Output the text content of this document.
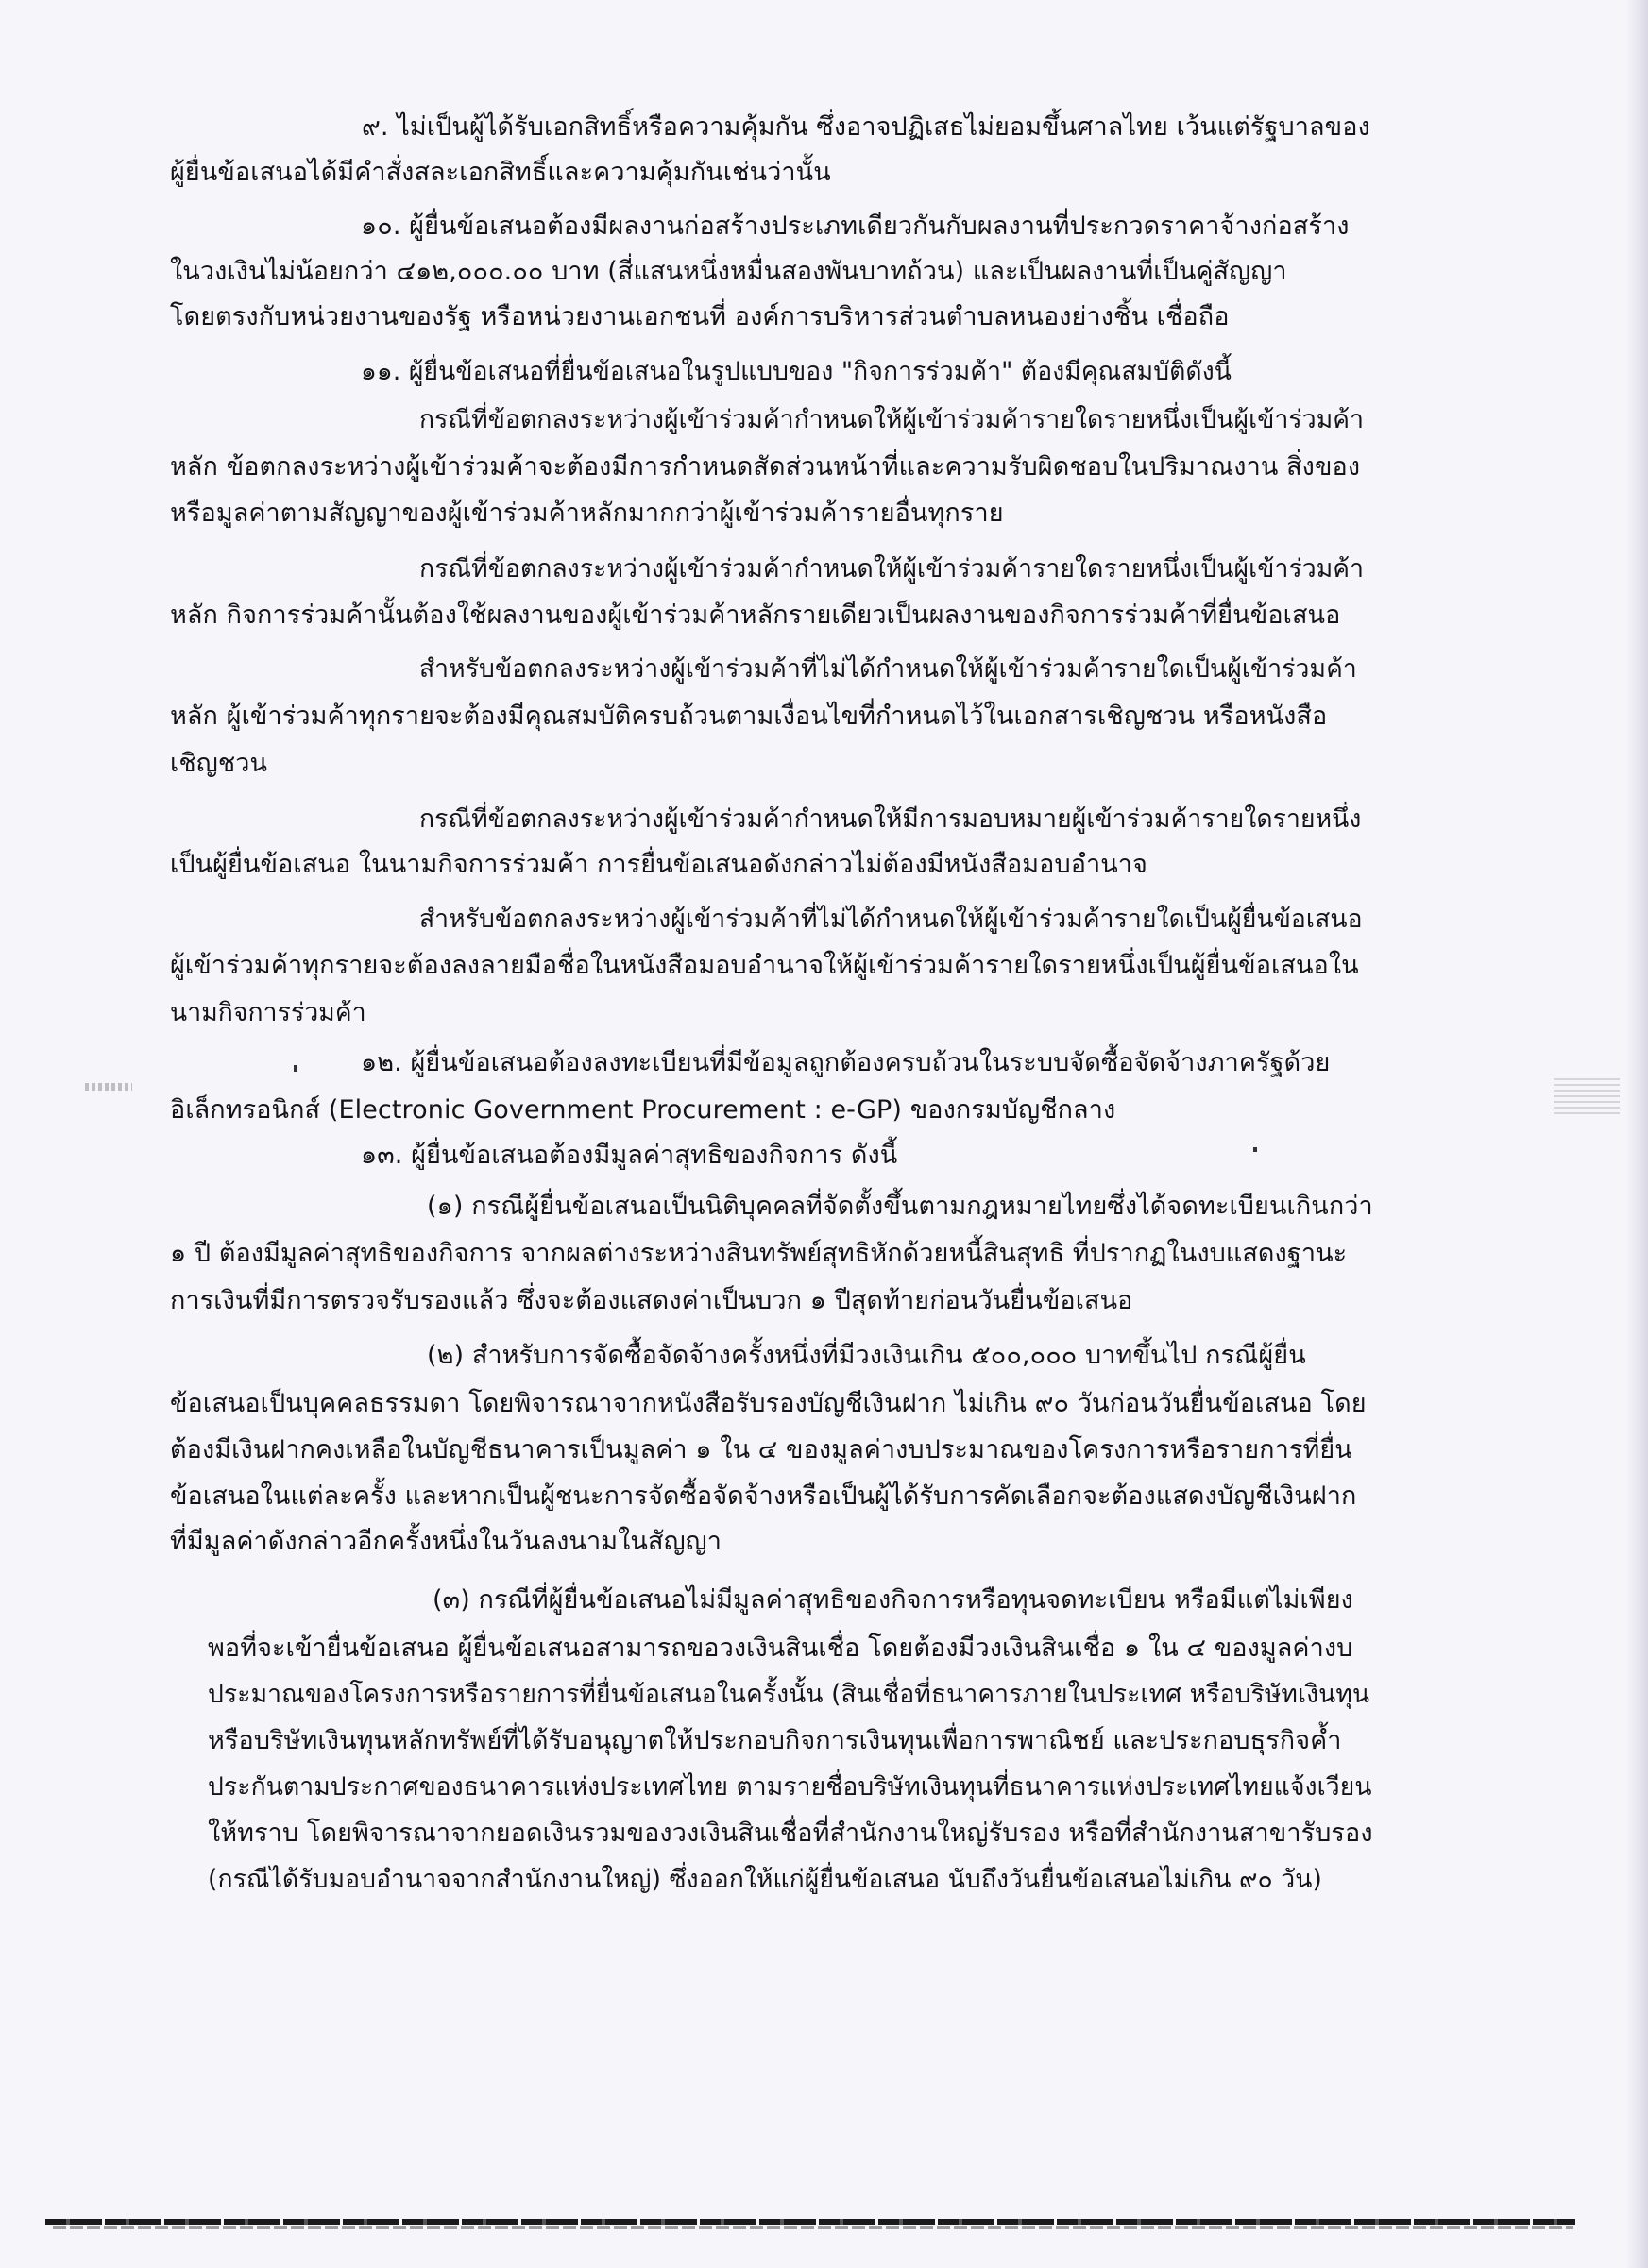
๙. ไม่เป็นผู้ได้รับเอกสิทธิ์หรือความคุ้มกัน ซึ่งอาจปฏิเสธไม่ยอมขึ้นศาลไทย เว้นแต่รัฐบาลของ
ผู้ยื่นข้อเสนอได้มีคำสั่งสละเอกสิทธิ์และความคุ้มกันเช่นว่านั้น
๑๐. ผู้ยื่นข้อเสนอต้องมีผลงานก่อสร้างประเภทเดียวกันกับผลงานที่ประกวดราคาจ้างก่อสร้าง
ในวงเงินไม่น้อยกว่า ๔๑๒,๐๐๐.๐๐ บาท (สี่แสนหนึ่งหมื่นสองพันบาทถ้วน) และเป็นผลงานที่เป็นคู่สัญญา
โดยตรงกับหน่วยงานของรัฐ หรือหน่วยงานเอกชนที่ องค์การบริหารส่วนตำบลหนองย่างชิ้น เชื่อถือ
๑๑. ผู้ยื่นข้อเสนอที่ยื่นข้อเสนอในรูปแบบของ "กิจการร่วมค้า" ต้องมีคุณสมบัติดังนี้
กรณีที่ข้อตกลงระหว่างผู้เข้าร่วมค้ากำหนดให้ผู้เข้าร่วมค้ารายใดรายหนึ่งเป็นผู้เข้าร่วมค้า
หลัก ข้อตกลงระหว่างผู้เข้าร่วมค้าจะต้องมีการกำหนดสัดส่วนหน้าที่และความรับผิดชอบในปริมาณงาน สิ่งของ
หรือมูลค่าตามสัญญาของผู้เข้าร่วมค้าหลักมากกว่าผู้เข้าร่วมค้ารายอื่นทุกราย
กรณีที่ข้อตกลงระหว่างผู้เข้าร่วมค้ากำหนดให้ผู้เข้าร่วมค้ารายใดรายหนึ่งเป็นผู้เข้าร่วมค้า
หลัก กิจการร่วมค้านั้นต้องใช้ผลงานของผู้เข้าร่วมค้าหลักรายเดียวเป็นผลงานของกิจการร่วมค้าที่ยื่นข้อเสนอ
สำหรับข้อตกลงระหว่างผู้เข้าร่วมค้าที่ไม่ได้กำหนดให้ผู้เข้าร่วมค้ารายใดเป็นผู้เข้าร่วมค้า
หลัก ผู้เข้าร่วมค้าทุกรายจะต้องมีคุณสมบัติครบถ้วนตามเงื่อนไขที่กำหนดไว้ในเอกสารเชิญชวน หรือหนังสือ
เชิญชวน
กรณีที่ข้อตกลงระหว่างผู้เข้าร่วมค้ากำหนดให้มีการมอบหมายผู้เข้าร่วมค้ารายใดรายหนึ่ง
เป็นผู้ยื่นข้อเสนอ ในนามกิจการร่วมค้า การยื่นข้อเสนอดังกล่าวไม่ต้องมีหนังสือมอบอำนาจ
สำหรับข้อตกลงระหว่างผู้เข้าร่วมค้าที่ไม่ได้กำหนดให้ผู้เข้าร่วมค้ารายใดเป็นผู้ยื่นข้อเสนอ
ผู้เข้าร่วมค้าทุกรายจะต้องลงลายมือชื่อในหนังสือมอบอำนาจให้ผู้เข้าร่วมค้ารายใดรายหนึ่งเป็นผู้ยื่นข้อเสนอใน
นามกิจการร่วมค้า
๑๒. ผู้ยื่นข้อเสนอต้องลงทะเบียนที่มีข้อมูลถูกต้องครบถ้วนในระบบจัดซื้อจัดจ้างภาครัฐด้วย
อิเล็กทรอนิกส์ (Electronic Government Procurement : e-GP) ของกรมบัญชีกลาง
๑๓. ผู้ยื่นข้อเสนอต้องมีมูลค่าสุทธิของกิจการ ดังนี้
(๑) กรณีผู้ยื่นข้อเสนอเป็นนิติบุคคลที่จัดตั้งขึ้นตามกฎหมายไทยซึ่งได้จดทะเบียนเกินกว่า
๑ ปี ต้องมีมูลค่าสุทธิของกิจการ จากผลต่างระหว่างสินทรัพย์สุทธิหักด้วยหนี้สินสุทธิ ที่ปรากฏในงบแสดงฐานะ
การเงินที่มีการตรวจรับรองแล้ว ซึ่งจะต้องแสดงค่าเป็นบวก ๑ ปีสุดท้ายก่อนวันยื่นข้อเสนอ
(๒) สำหรับการจัดซื้อจัดจ้างครั้งหนึ่งที่มีวงเงินเกิน ๕๐๐,๐๐๐ บาทขึ้นไป กรณีผู้ยื่น
ข้อเสนอเป็นบุคคลธรรมดา โดยพิจารณาจากหนังสือรับรองบัญชีเงินฝาก ไม่เกิน ๙๐ วันก่อนวันยื่นข้อเสนอ โดย
ต้องมีเงินฝากคงเหลือในบัญชีธนาคารเป็นมูลค่า ๑ ใน ๔ ของมูลค่างบประมาณของโครงการหรือรายการที่ยื่น
ข้อเสนอในแต่ละครั้ง และหากเป็นผู้ชนะการจัดซื้อจัดจ้างหรือเป็นผู้ได้รับการคัดเลือกจะต้องแสดงบัญชีเงินฝาก
ที่มีมูลค่าดังกล่าวอีกครั้งหนึ่งในวันลงนามในสัญญา
(๓) กรณีที่ผู้ยื่นข้อเสนอไม่มีมูลค่าสุทธิของกิจการหรือทุนจดทะเบียน หรือมีแต่ไม่เพียง
พอที่จะเข้ายื่นข้อเสนอ ผู้ยื่นข้อเสนอสามารถขอวงเงินสินเชื่อ โดยต้องมีวงเงินสินเชื่อ ๑ ใน ๔ ของมูลค่างบ
ประมาณของโครงการหรือรายการที่ยื่นข้อเสนอในครั้งนั้น (สินเชื่อที่ธนาคารภายในประเทศ หรือบริษัทเงินทุน
หรือบริษัทเงินทุนหลักทรัพย์ที่ได้รับอนุญาตให้ประกอบกิจการเงินทุนเพื่อการพาณิชย์ และประกอบธุรกิจค้ำ
ประกันตามประกาศของธนาคารแห่งประเทศไทย ตามรายชื่อบริษัทเงินทุนที่ธนาคารแห่งประเทศไทยแจ้งเวียน
ให้ทราบ โดยพิจารณาจากยอดเงินรวมของวงเงินสินเชื่อที่สำนักงานใหญ่รับรอง หรือที่สำนักงานสาขารับรอง
(กรณีได้รับมอบอำนาจจากสำนักงานใหญ่) ซึ่งออกให้แก่ผู้ยื่นข้อเสนอ นับถึงวันยื่นข้อเสนอไม่เกิน ๙๐ วัน)
